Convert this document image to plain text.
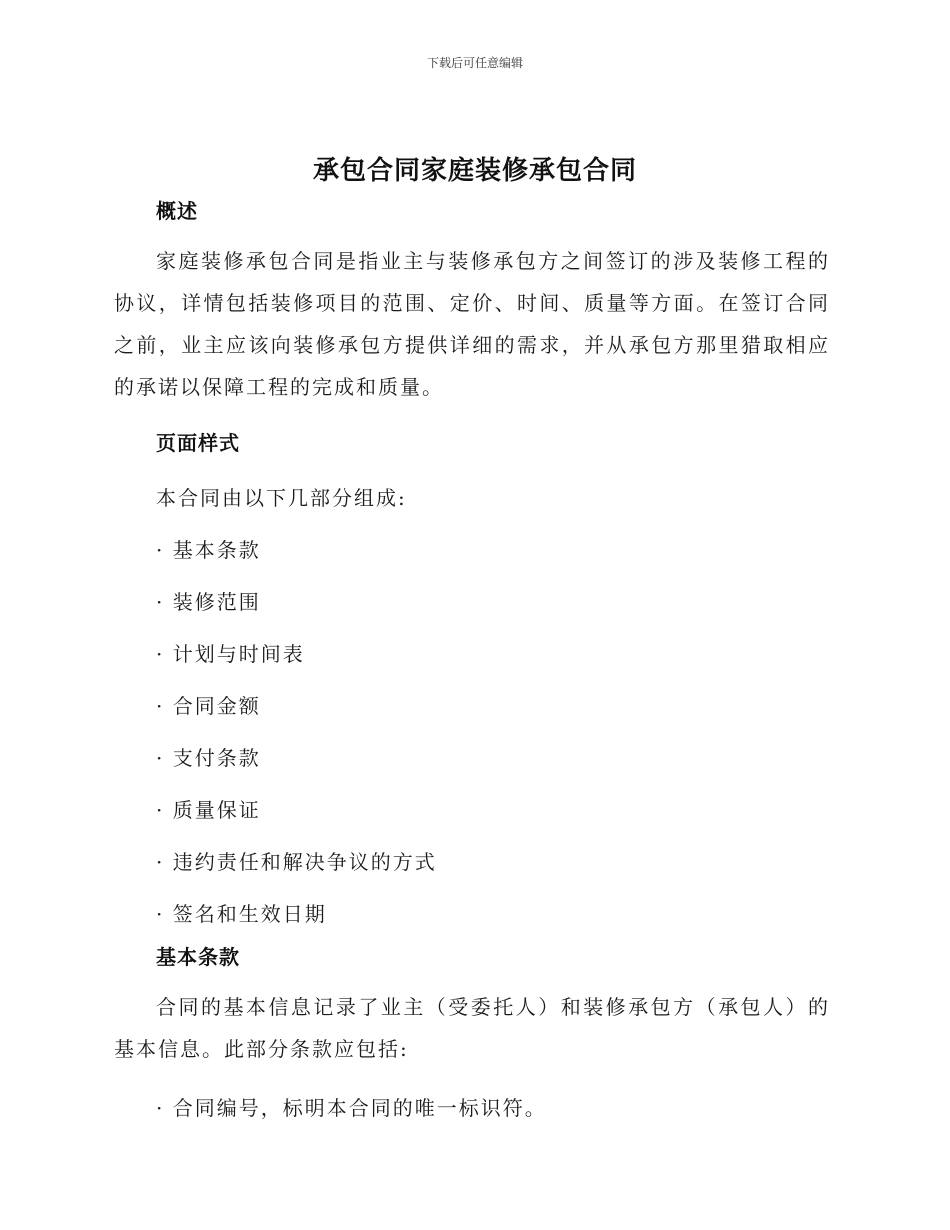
下载后可任意编辑
承包合同家庭装修承包合同
概述
家庭装修承包合同是指业主与装修承包方之间签订的涉及装修工程的协议，详情包括装修项目的范围、定价、时间、质量等方面。在签订合同之前，业主应该向装修承包方提供详细的需求，并从承包方那里猎取相应的承诺以保障工程的完成和质量。
页面样式
本合同由以下几部分组成:
· 基本条款
· 装修范围
· 计划与时间表
· 合同金额
· 支付条款
· 质量保证
· 违约责任和解决争议的方式
· 签名和生效日期
基本条款
合同的基本信息记录了业主（受委托人）和装修承包方（承包人）的基本信息。此部分条款应包括:
· 合同编号，标明本合同的唯一标识符。
